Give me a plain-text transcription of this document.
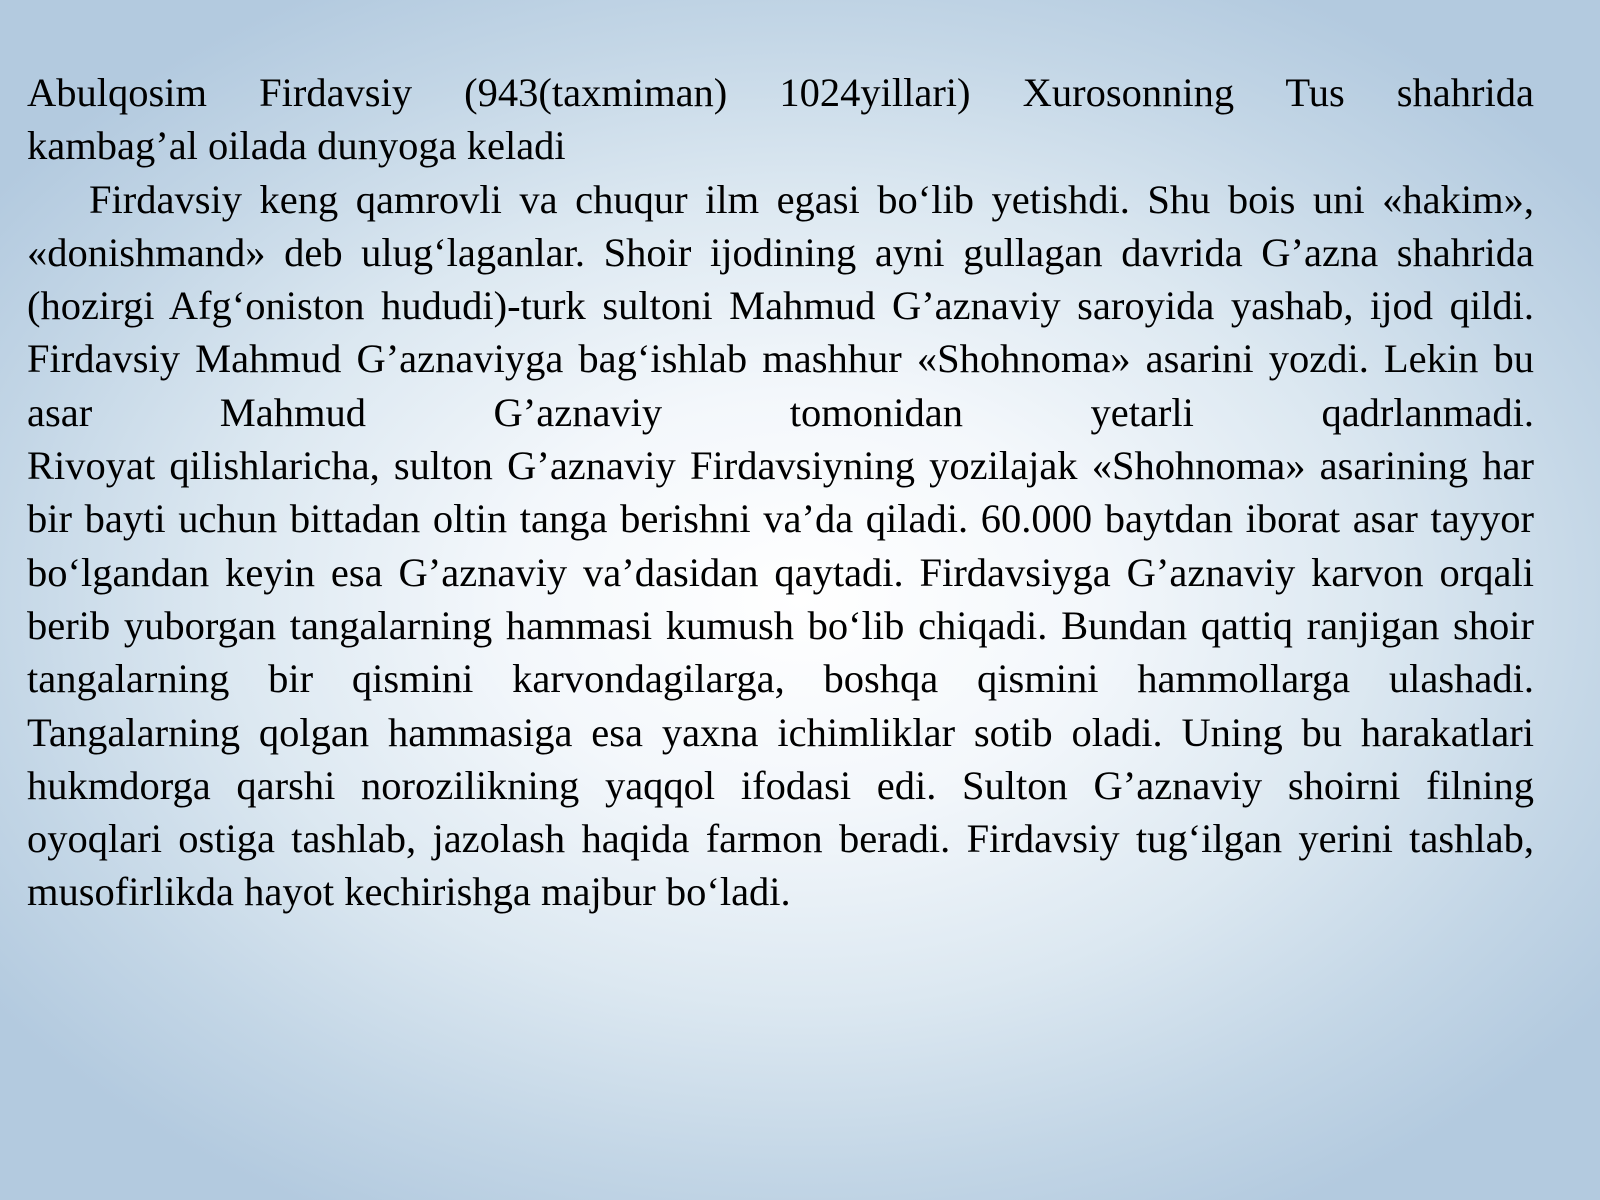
Abulqosim Firdavsiy (943(taxmiman) 1024yillari) Xurosonning Tus shahrida

kambag’al oilada dunyoga keladi

Firdavsiy keng qamrovli va chuqur ilm egasi bo‘lib yetishdi. Shu bois uni «hakim», «donishmand» deb ulug‘laganlar. Shoir ijodining ayni gullagan davrida G’azna shahrida (hozirgi Afg‘oniston hududi)-turk sultoni Mahmud G’aznaviy saroyida yashab, ijod qildi.

Firdavsiy Mahmud G’aznaviyga bag‘ishlab mashhur «Shohnoma» asarini yozdi. Lekin bu asar Mahmud G’aznaviy tomonidan yetarli qadrlanmadi.

Rivoyat qilishlaricha, sulton G’aznaviy Firdavsiyning yozilajak «Shohnoma» asarining har bir bayti uchun bittadan oltin tanga berishni va’da qiladi. 60.000 baytdan iborat asar tayyor bo‘lgandan keyin esa G’aznaviy va’dasidan qaytadi. Firdavsiyga G’aznaviy karvon orqali berib yuborgan tangalarning hammasi kumush bo‘lib chiqadi. Bundan qattiq ranjigan shoir tangalarning bir qismini karvondagilarga, boshqa qismini hammollarga ulashadi. Tangalarning qolgan hammasiga esa yaxna ichimliklar sotib oladi. Uning bu harakatlari hukmdorga qarshi norozilikning yaqqol ifodasi edi. Sulton G’aznaviy shoirni filning oyoqlari ostiga tashlab, jazolash haqida farmon beradi. Firdavsiy tug‘ilgan yerini tashlab, musofirlikda hayot kechirishga majbur bo‘ladi.
